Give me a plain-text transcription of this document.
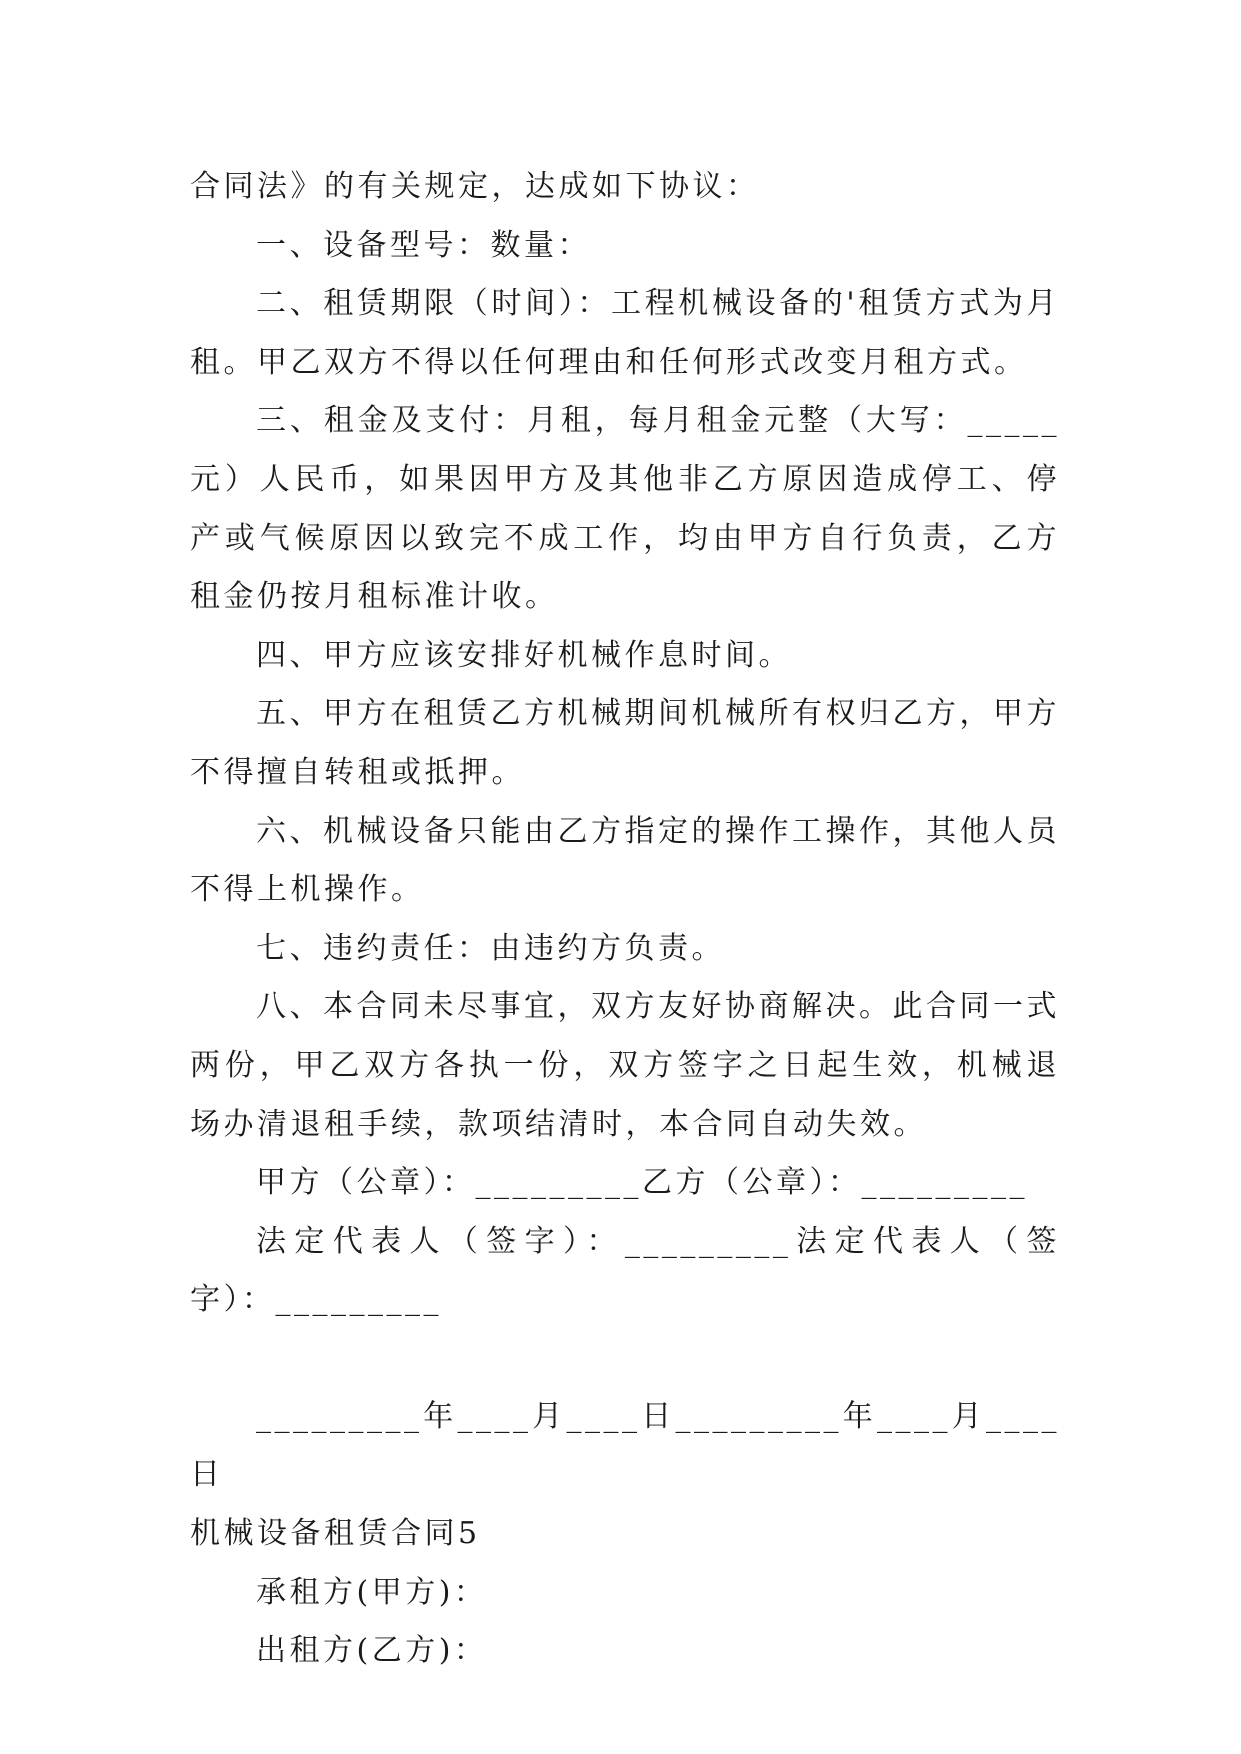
合同法》的有关规定，达成如下协议：

一、设备型号：数量：

二、租赁期限（时间）：工程机械设备的'租赁方式为月租。甲乙双方不得以任何理由和任何形式改变月租方式。

三、租金及支付：月租，每月租金元整（大写：_____元）人民币，如果因甲方及其他非乙方原因造成停工、停产或气候原因以致完不成工作，均由甲方自行负责，乙方租金仍按月租标准计收。

四、甲方应该安排好机械作息时间。

五、甲方在租赁乙方机械期间机械所有权归乙方，甲方不得擅自转租或抵押。

六、机械设备只能由乙方指定的操作工操作，其他人员不得上机操作。

七、违约责任：由违约方负责。

八、本合同未尽事宜，双方友好协商解决。此合同一式两份，甲乙双方各执一份，双方签字之日起生效，机械退场办清退租手续，款项结清时，本合同自动失效。

甲方（公章）：_________乙方（公章）：_________

法定代表人（签字）：_________法定代表人（签字）：_________

_________年____月____日_________年____月____日

机械设备租赁合同5

承租方(甲方)：

出租方(乙方)：
